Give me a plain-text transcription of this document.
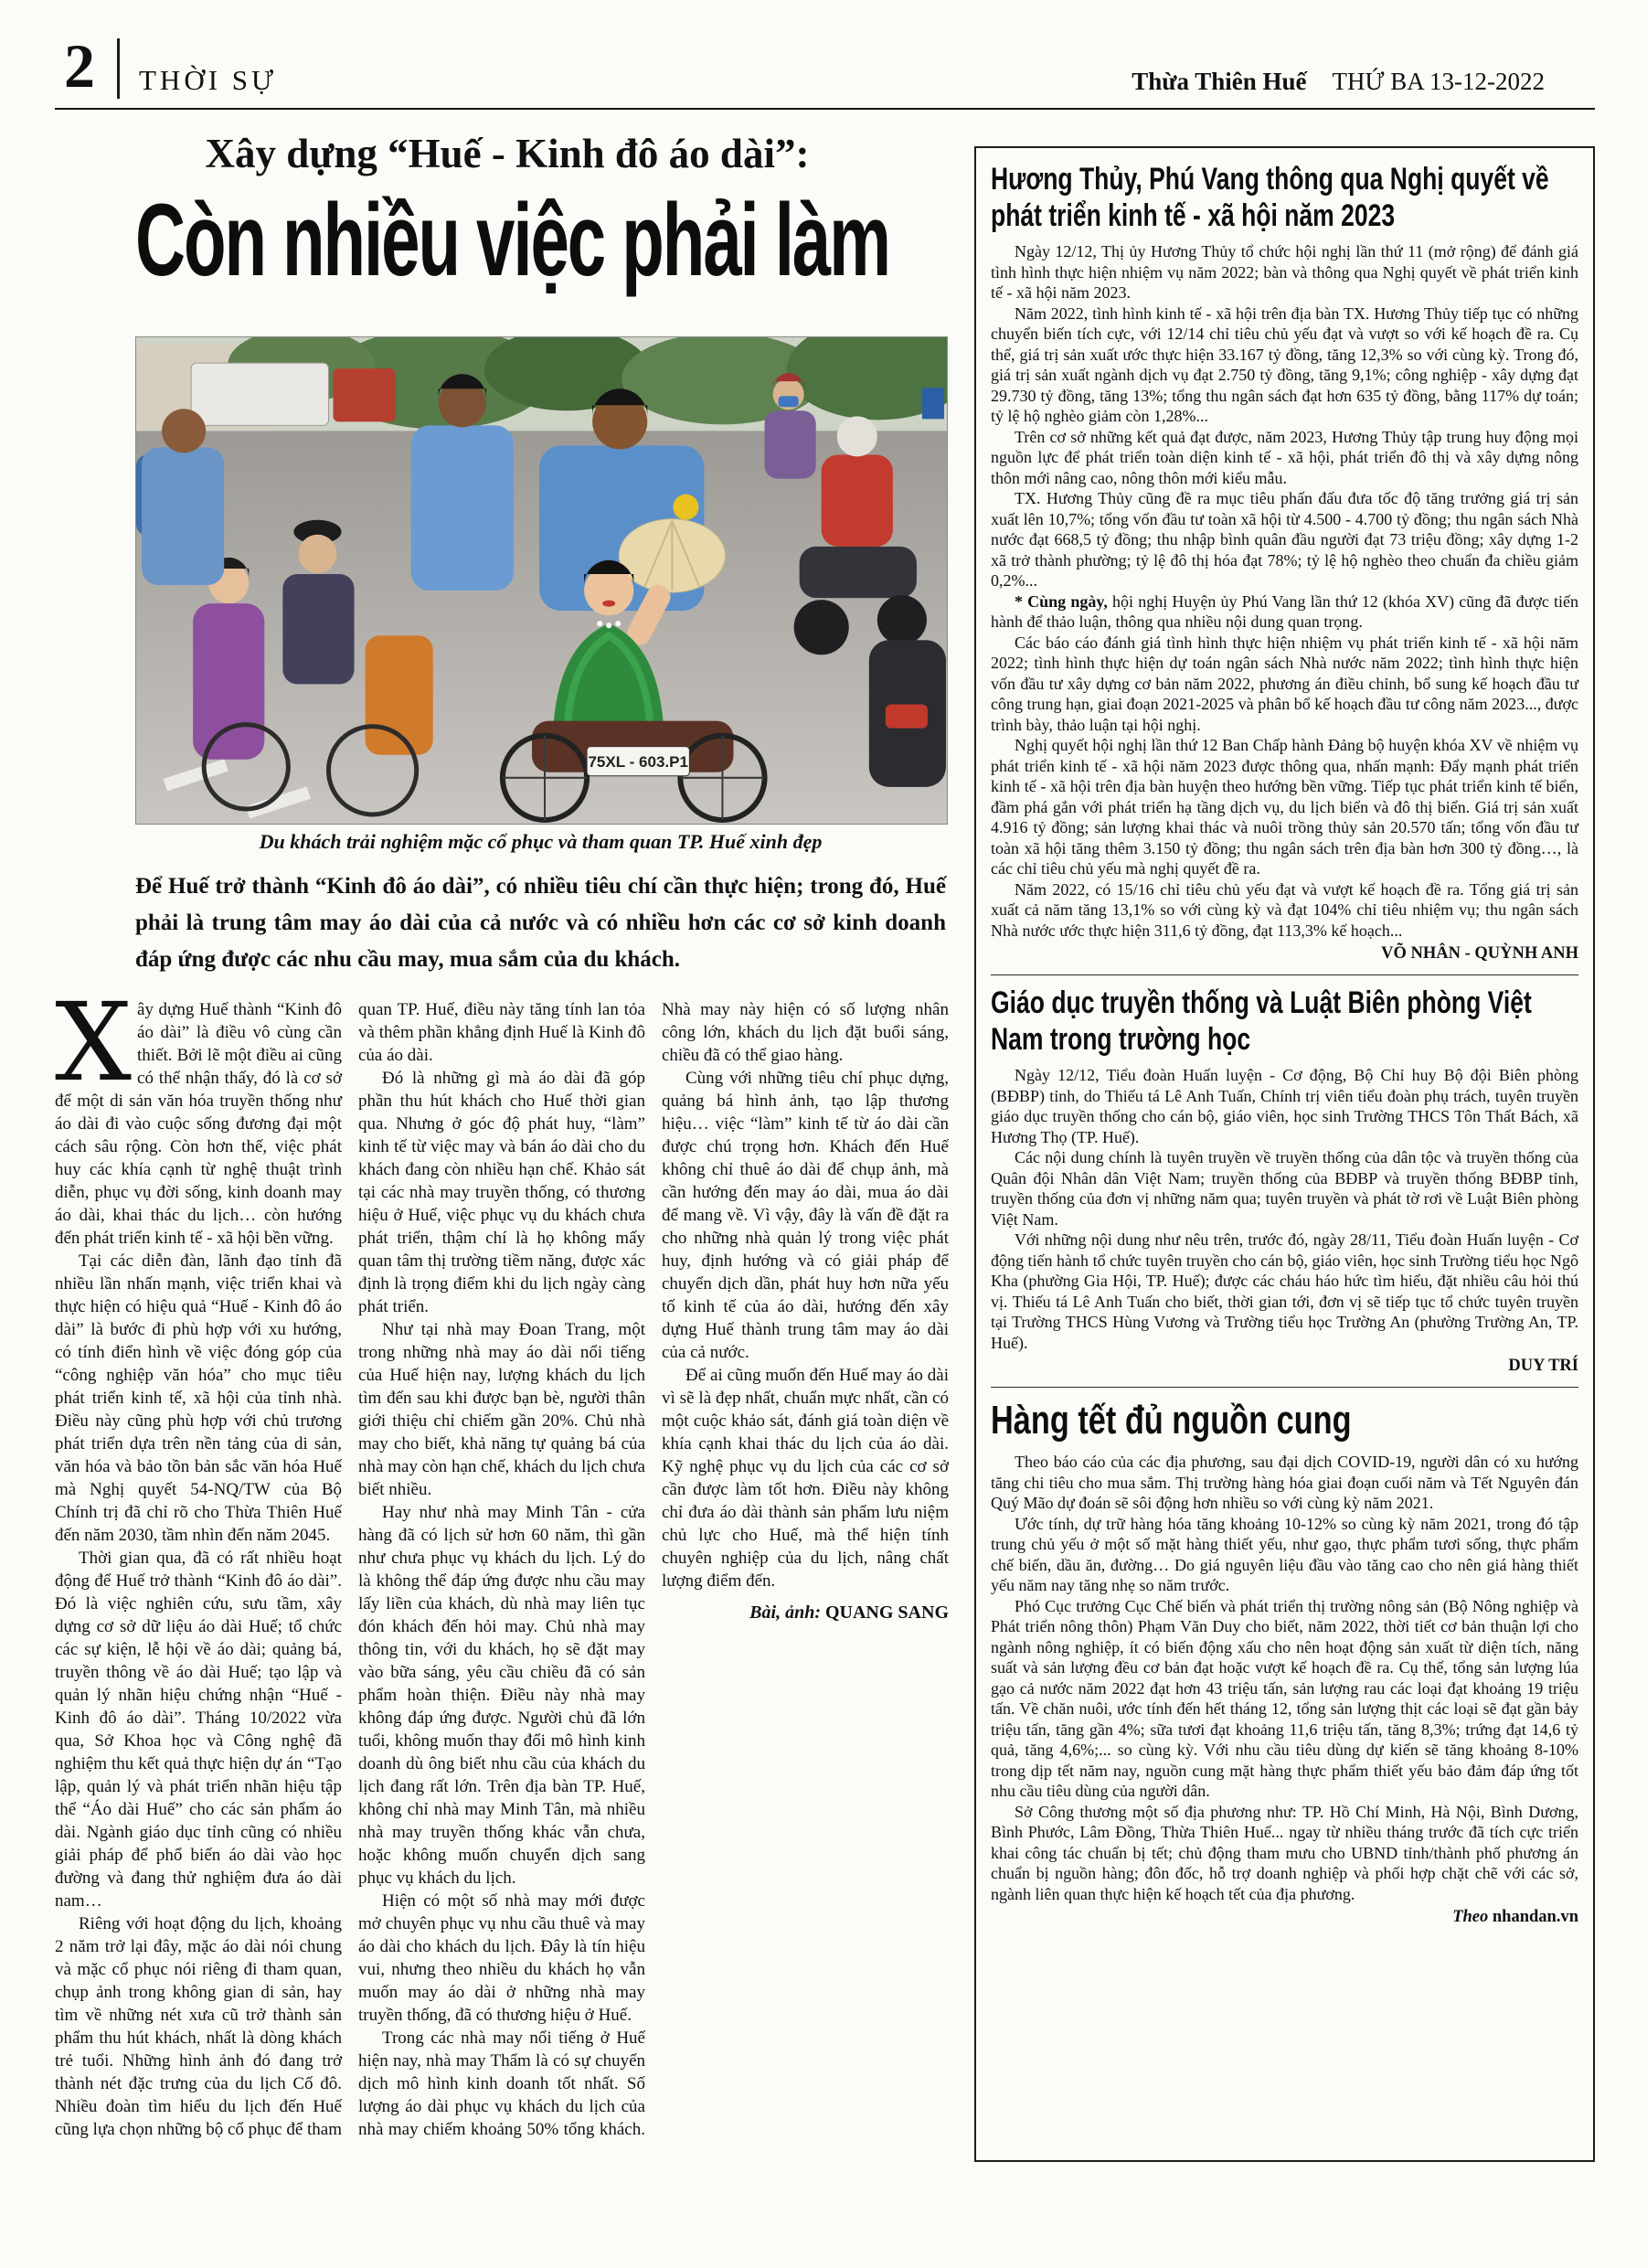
2 THỜI SỰ	Thừa Thiên Huế THỨ BA 13-12-2022
Xây dựng “Huế - Kinh đô áo dài”:
Còn nhiều việc phải làm
75XL - 603.P1
Du khách trải nghiệm mặc cổ phục và tham quan TP. Huế xinh đẹp
Để Huế trở thành “Kinh đô áo dài”, có nhiều tiêu chí cần thực hiện; trong đó, Huế phải là trung tâm may áo dài của cả nước và có nhiều hơn các cơ sở kinh doanh đáp ứng được các nhu cầu may, mua sắm của du khách.

Xây dựng Huế thành “Kinh đô áo dài” là điều vô cùng cần thiết. Bởi lẽ một điều ai cũng có thể nhận thấy, đó là cơ sở để một di sản văn hóa truyền thống như áo dài đi vào cuộc sống đương đại một cách sâu rộng. Còn hơn thế, việc phát huy các khía cạnh từ nghệ thuật trình diễn, phục vụ đời sống, kinh doanh may áo dài, khai thác du lịch… còn hướng đến phát triển kinh tế - xã hội bền vững.

Tại các diễn đàn, lãnh đạo tỉnh đã nhiều lần nhấn mạnh, việc triển khai và thực hiện có hiệu quả “Huế - Kinh đô áo dài” là bước đi phù hợp với xu hướng, có tính điển hình về việc đóng góp của “công nghiệp văn hóa” cho mục tiêu phát triển kinh tế, xã hội của tỉnh nhà. Điều này cũng phù hợp với chủ trương phát triển dựa trên nền tảng của di sản, văn hóa và bảo tồn bản sắc văn hóa Huế mà Nghị quyết 54-NQ/TW của Bộ Chính trị đã chỉ rõ cho Thừa Thiên Huế đến năm 2030, tầm nhìn đến năm 2045.

Thời gian qua, đã có rất nhiều hoạt động để Huế trở thành “Kinh đô áo dài”. Đó là việc nghiên cứu, sưu tầm, xây dựng cơ sở dữ liệu áo dài Huế; tổ chức các sự kiện, lễ hội về áo dài; quảng bá, truyền thông về áo dài Huế; tạo lập và quản lý nhãn hiệu chứng nhận “Huế - Kinh đô áo dài”. Tháng 10/2022 vừa qua, Sở Khoa học và Công nghệ đã nghiệm thu kết quả thực hiện dự án “Tạo lập, quản lý và phát triển nhãn hiệu tập thể “Áo dài Huế” cho các sản phẩm áo dài. Ngành giáo dục tỉnh cũng có nhiều giải pháp để phổ biến áo dài vào học đường và đang thử nghiệm đưa áo dài nam…

Riêng với hoạt động du lịch, khoảng 2 năm trở lại đây, mặc áo dài nói chung và mặc cổ phục nói riêng đi tham quan, chụp ảnh trong không gian di sản, hay tìm về những nét xưa cũ trở thành sản phẩm thu hút khách, nhất là dòng khách trẻ tuổi. Những hình ảnh đó đang trở thành nét đặc trưng của du lịch Cố đô. Nhiều đoàn tìm hiểu du lịch đến Huế cũng lựa chọn những bộ cổ phục để tham quan TP. Huế, điều này tăng tính lan tỏa và thêm phần khẳng định Huế là Kinh đô của áo dài.

Đó là những gì mà áo dài đã góp phần thu hút khách cho Huế thời gian qua. Nhưng ở góc độ phát huy, “làm” kinh tế từ việc may và bán áo dài cho du khách đang còn nhiều hạn chế. Khảo sát tại các nhà may truyền thống, có thương hiệu ở Huế, việc phục vụ du khách chưa phát triển, thậm chí là họ không mấy quan tâm thị trường tiềm năng, được xác định là trọng điểm khi du lịch ngày càng phát triển.

Như tại nhà may Đoan Trang, một trong những nhà may áo dài nổi tiếng của Huế hiện nay, lượng khách du lịch tìm đến sau khi được bạn bè, người thân giới thiệu chỉ chiếm gần 20%. Chủ nhà may cho biết, khả năng tự quảng bá của nhà may còn hạn chế, khách du lịch chưa biết nhiều.

Hay như nhà may Minh Tân - cửa hàng đã có lịch sử hơn 60 năm, thì gần như chưa phục vụ khách du lịch. Lý do là không thể đáp ứng được nhu cầu may lấy liền của khách, dù nhà may liên tục đón khách đến hỏi may. Chủ nhà may thông tin, với du khách, họ sẽ đặt may vào bữa sáng, yêu cầu chiều đã có sản phẩm hoàn thiện. Điều này nhà may không đáp ứng được. Người chủ đã lớn tuổi, không muốn thay đổi mô hình kinh doanh dù ông biết nhu cầu của khách du lịch đang rất lớn. Trên địa bàn TP. Huế, không chỉ nhà may Minh Tân, mà nhiều nhà may truyền thống khác vẫn chưa, hoặc không muốn chuyển dịch sang phục vụ khách du lịch.

Hiện có một số nhà may mới được mở chuyên phục vụ nhu cầu thuê và may áo dài cho khách du lịch. Đây là tín hiệu vui, nhưng theo nhiều du khách họ vẫn muốn may áo dài ở những nhà may truyền thống, đã có thương hiệu ở Huế.

Trong các nhà may nổi tiếng ở Huế hiện nay, nhà may Thẩm là có sự chuyển dịch mô hình kinh doanh tốt nhất. Số lượng áo dài phục vụ khách du lịch của nhà may chiếm khoảng 50% tổng khách. Nhà may này hiện có số lượng nhân công lớn, khách du lịch đặt buổi sáng, chiều đã có thể giao hàng.

Cùng với những tiêu chí phục dựng, quảng bá hình ảnh, tạo lập thương hiệu… việc “làm” kinh tế từ áo dài cần được chú trọng hơn. Khách đến Huế không chỉ thuê áo dài để chụp ảnh, mà cần hướng đến may áo dài, mua áo dài để mang về. Vì vậy, đây là vấn đề đặt ra cho những nhà quản lý trong việc phát huy, định hướng và có giải pháp để chuyển dịch dần, phát huy hơn nữa yếu tố kinh tế của áo dài, hướng đến xây dựng Huế thành trung tâm may áo dài của cả nước.

Để ai cũng muốn đến Huế may áo dài vì sẽ là đẹp nhất, chuẩn mực nhất, cần có một cuộc khảo sát, đánh giá toàn diện về khía cạnh khai thác du lịch của áo dài. Kỹ nghệ phục vụ du lịch của các cơ sở cần được làm tốt hơn. Điều này không chỉ đưa áo dài thành sản phẩm lưu niệm chủ lực cho Huế, mà thể hiện tính chuyên nghiệp của du lịch, nâng chất lượng điểm đến.

Bài, ảnh: QUANG SANG

Hương Thủy, Phú Vang thông qua Nghị quyết về phát triển kinh tế - xã hội năm 2023

Ngày 12/12, Thị ủy Hương Thủy tổ chức hội nghị lần thứ 11 (mở rộng) để đánh giá tình hình thực hiện nhiệm vụ năm 2022; bàn và thông qua Nghị quyết về phát triển kinh tế - xã hội năm 2023.

Năm 2022, tình hình kinh tế - xã hội trên địa bàn TX. Hương Thủy tiếp tục có những chuyển biến tích cực, với 12/14 chỉ tiêu chủ yếu đạt và vượt so với kế hoạch đề ra. Cụ thể, giá trị sản xuất ước thực hiện 33.167 tỷ đồng, tăng 12,3% so với cùng kỳ. Trong đó, giá trị sản xuất ngành dịch vụ đạt 2.750 tỷ đồng, tăng 9,1%; công nghiệp - xây dựng đạt 29.730 tỷ đồng, tăng 13%; tổng thu ngân sách đạt hơn 635 tỷ đồng, bằng 117% dự toán; tỷ lệ hộ nghèo giảm còn 1,28%...

Trên cơ sở những kết quả đạt được, năm 2023, Hương Thủy tập trung huy động mọi nguồn lực để phát triển toàn diện kinh tế - xã hội, phát triển đô thị và xây dựng nông thôn mới nâng cao, nông thôn mới kiểu mẫu.

TX. Hương Thủy cũng đề ra mục tiêu phấn đấu đưa tốc độ tăng trưởng giá trị sản xuất lên 10,7%; tổng vốn đầu tư toàn xã hội từ 4.500 - 4.700 tỷ đồng; thu ngân sách Nhà nước đạt 668,5 tỷ đồng; thu nhập bình quân đầu người đạt 73 triệu đồng; xây dựng 1-2 xã trở thành phường; tỷ lệ đô thị hóa đạt 78%; tỷ lệ hộ nghèo theo chuẩn đa chiều giảm 0,2%...

* Cùng ngày, hội nghị Huyện ủy Phú Vang lần thứ 12 (khóa XV) cũng đã được tiến hành để thảo luận, thông qua nhiều nội dung quan trọng.

Các báo cáo đánh giá tình hình thực hiện nhiệm vụ phát triển kinh tế - xã hội năm 2022; tình hình thực hiện dự toán ngân sách Nhà nước năm 2022; tình hình thực hiện vốn đầu tư xây dựng cơ bản năm 2022, phương án điều chỉnh, bổ sung kế hoạch đầu tư công trung hạn, giai đoạn 2021-2025 và phân bổ kế hoạch đầu tư công năm 2023..., được trình bày, thảo luận tại hội nghị.

Nghị quyết hội nghị lần thứ 12 Ban Chấp hành Đảng bộ huyện khóa XV về nhiệm vụ phát triển kinh tế - xã hội năm 2023 được thông qua, nhấn mạnh: Đẩy mạnh phát triển kinh tế - xã hội trên địa bàn huyện theo hướng bền vững. Tiếp tục phát triển kinh tế biển, đầm phá gắn với phát triển hạ tầng dịch vụ, du lịch biển và đô thị biển. Giá trị sản xuất 4.916 tỷ đồng; sản lượng khai thác và nuôi trồng thủy sản 20.570 tấn; tổng vốn đầu tư toàn xã hội tăng thêm 3.150 tỷ đồng; thu ngân sách trên địa bàn hơn 300 tỷ đồng…, là các chỉ tiêu chủ yếu mà nghị quyết đề ra.

Năm 2022, có 15/16 chỉ tiêu chủ yếu đạt và vượt kế hoạch đề ra. Tổng giá trị sản xuất cả năm tăng 13,1% so với cùng kỳ và đạt 104% chỉ tiêu nhiệm vụ; thu ngân sách Nhà nước ước thực hiện 311,6 tỷ đồng, đạt 113,3% kế hoạch...

VÕ NHÂN - QUỲNH ANH
Giáo dục truyền thống và Luật Biên phòng Việt Nam trong trường học

Ngày 12/12, Tiểu đoàn Huấn luyện - Cơ động, Bộ Chỉ huy Bộ đội Biên phòng (BĐBP) tỉnh, do Thiếu tá Lê Anh Tuấn, Chính trị viên tiểu đoàn phụ trách, tuyên truyền giáo dục truyền thống cho cán bộ, giáo viên, học sinh Trường THCS Tôn Thất Bách, xã Hương Thọ (TP. Huế).

Các nội dung chính là tuyên truyền về truyền thống của dân tộc và truyền thống của Quân đội Nhân dân Việt Nam; truyền thống của BĐBP và truyền thống BĐBP tỉnh, truyền thống của đơn vị những năm qua; tuyên truyền và phát tờ rơi về Luật Biên phòng Việt Nam.

Với những nội dung như nêu trên, trước đó, ngày 28/11, Tiểu đoàn Huấn luyện - Cơ động tiến hành tổ chức tuyên truyền cho cán bộ, giáo viên, học sinh Trường tiểu học Ngô Kha (phường Gia Hội, TP. Huế); được các cháu háo hức tìm hiểu, đặt nhiều câu hỏi thú vị. Thiếu tá Lê Anh Tuấn cho biết, thời gian tới, đơn vị sẽ tiếp tục tổ chức tuyên truyền tại Trường THCS Hùng Vương và Trường tiểu học Trường An (phường Trường An, TP. Huế).

DUY TRÍ
Hàng tết đủ nguồn cung

Theo báo cáo của các địa phương, sau đại dịch COVID-19, người dân có xu hướng tăng chi tiêu cho mua sắm. Thị trường hàng hóa giai đoạn cuối năm và Tết Nguyên đán Quý Mão dự đoán sẽ sôi động hơn nhiều so với cùng kỳ năm 2021.

Ước tính, dự trữ hàng hóa tăng khoảng 10-12% so cùng kỳ năm 2021, trong đó tập trung chủ yếu ở một số mặt hàng thiết yếu, như gạo, thực phẩm tươi sống, thực phẩm chế biến, dầu ăn, đường… Do giá nguyên liệu đầu vào tăng cao cho nên giá hàng thiết yếu năm nay tăng nhẹ so năm trước.

Phó Cục trưởng Cục Chế biến và phát triển thị trường nông sản (Bộ Nông nghiệp và Phát triển nông thôn) Phạm Văn Duy cho biết, năm 2022, thời tiết cơ bản thuận lợi cho ngành nông nghiệp, ít có biến động xấu cho nên hoạt động sản xuất từ diện tích, năng suất và sản lượng đều cơ bản đạt hoặc vượt kế hoạch đề ra. Cụ thể, tổng sản lượng lúa gạo cả nước năm 2022 đạt hơn 43 triệu tấn, sản lượng rau các loại đạt khoảng 19 triệu tấn. Về chăn nuôi, ước tính đến hết tháng 12, tổng sản lượng thịt các loại sẽ đạt gần bảy triệu tấn, tăng gần 4%; sữa tươi đạt khoảng 11,6 triệu tấn, tăng 8,3%; trứng đạt 14,6 tỷ quả, tăng 4,6%;... so cùng kỳ. Với nhu cầu tiêu dùng dự kiến sẽ tăng khoảng 8-10% trong dịp tết năm nay, nguồn cung mặt hàng thực phẩm thiết yếu bảo đảm đáp ứng tốt nhu cầu tiêu dùng của người dân.

Sở Công thương một số địa phương như: TP. Hồ Chí Minh, Hà Nội, Bình Dương, Bình Phước, Lâm Đồng, Thừa Thiên Huế... ngay từ nhiều tháng trước đã tích cực triển khai công tác chuẩn bị tết; chủ động tham mưu cho UBND tỉnh/thành phố phương án chuẩn bị nguồn hàng; đôn đốc, hỗ trợ doanh nghiệp và phối hợp chặt chẽ với các sở, ngành liên quan thực hiện kế hoạch tết của địa phương.

Theo nhandan.vn
